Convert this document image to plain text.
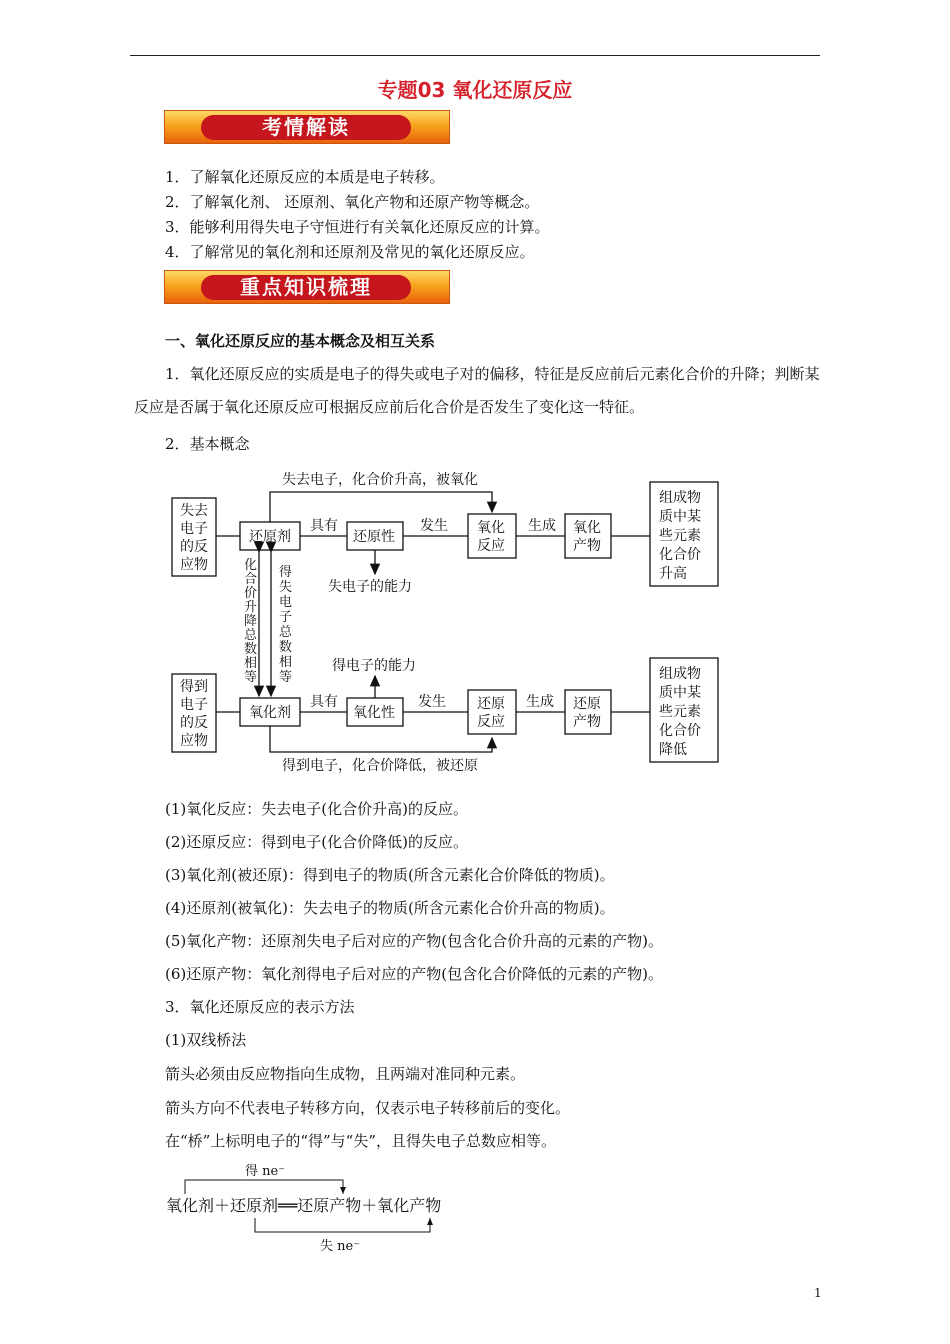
专题03 氧化还原反应
考情解读
1．了解氧化还原反应的本质是电子转移。
2．了解氧化剂、 还原剂、氧化产物和还原产物等概念。
3．能够利用得失电子守恒进行有关氧化还原反应的计算。
4．了解常见的氧化剂和还原剂及常见的氧化还原反应。
重点知识梳理
一、氧化还原反应的基本概念及相互关系
1．氧化还原反应的实质是电子的得失或电子对的偏移，特征是反应前后元素化合价的升降；判断某反应是否属于氧化还原反应可根据反应前后化合价是否发生了变化这一特征。
2．基本概念
失去电子，化合价升高，被氧化
失去
电子
的反
应物
还原剂
具有
还原性
发生 氧化
反应
生成 氧化
产物
组成物
质中某
些元素
化合价
升高
失电子的能力
化
合
价
升
降
总
数
相
等
得
失
电
子
总
数
相
等
得电子的能力
得到
电子
的反
应物
氧化剂
具有
氧化性
发生 还原
反应
生成 还原
产物
组成物
质中某
些元素
化合价
降低
得到电子，化合价降低，被还原
(1)氧化反应：失去电子(化合价升高)的反应。
(2)还原反应：得到电子(化合价降低)的反应。
(3)氧化剂(被还原)：得到电子的物质(所含元素化合价降低的物质)。
(4)还原剂(被氧化)：失去电子的物质(所含元素化合价升高的物质)。
(5)氧化产物：还原剂失电子后对应的产物(包含化合价升高的元素的产物)。
(6)还原产物：氧化剂得电子后对应的产物(包含化合价降低的元素的产物)。
3．氧化还原反应的表示方法
(1)双线桥法
箭头必须由反应物指向生成物，且两端对准同种元素。
箭头方向不代表电子转移方向，仅表示电子转移前后的变化。
在“桥”上标明电子的“得”与“失”，且得失电子总数应相等。
得 ne⁻
氧化剂＋还原剂══还原产物＋氧化产物
失 ne⁻
1
